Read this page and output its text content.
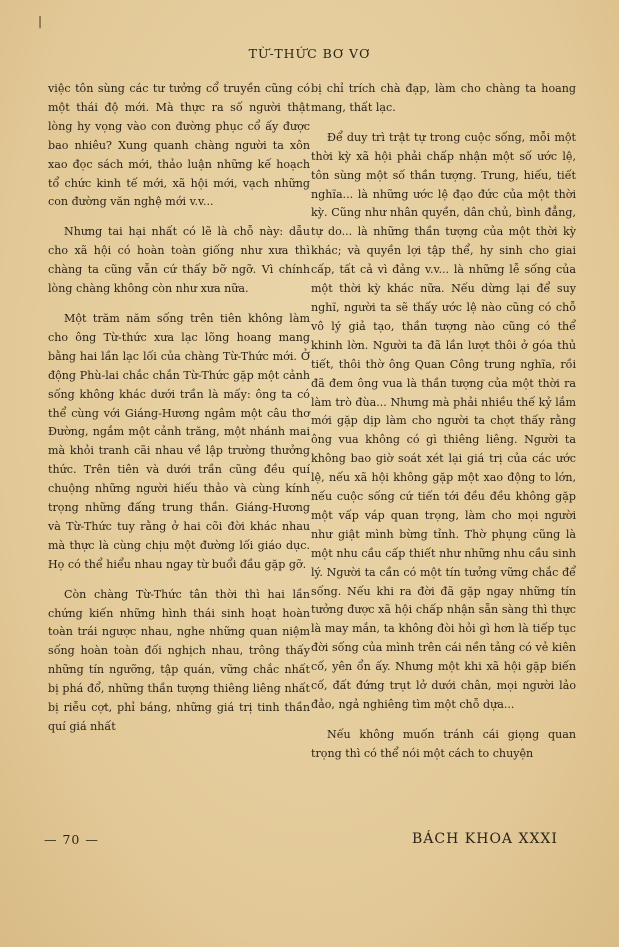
|
TỪ-THỨC BƠ VƠ

việc tôn sùng các tư tưởng cổ truyền cũng có một thái độ mới. Mà thực ra số người thật lòng hy vọng vào con đường phục cổ ấy được bao nhiêu? Xung quanh chàng người ta xôn xao đọc sách mới, thảo luận những kế hoạch tổ chức kinh tế mới, xã hội mới, vạch những con đường văn nghệ mới v.v...

Nhưng tai hại nhất có lẽ là chỗ này: dẫu cho xã hội có hoàn toàn giống như xưa thì chàng ta cũng vẫn cứ thấy bỡ ngỡ. Vì chính lòng chàng không còn như xưa nữa.

Một trăm năm sống trên tiên không làm cho ông Từ-thức xưa lạc lõng hoang mang bằng hai lần lạc lối của chàng Từ-Thức mới. Ở động Phù-lai chắc chắn Từ-Thức gặp một cảnh sống không khác dưới trần là mấy: ông ta có thể cùng với Giáng-Hương ngâm một câu thơ Đường, ngắm một cảnh trăng, một nhánh mai mà khỏi tranh cãi nhau về lập trường thưởng thức. Trên tiên và dưới trần cũng đều quí chuộng những người hiếu thảo và cùng kính trọng những đấng trung thần. Giáng-Hương và Từ-Thức tuy rằng ở hai cõi đời khác nhau mà thực là cùng chịu một đường lối giáo dục. Họ có thể hiểu nhau ngay từ buổi đầu gặp gỡ.

Còn chàng Từ-Thức tân thời thì hai lần chứng kiến những hình thái sinh hoạt hoàn toàn trái ngược nhau, nghe những quan niệm sống hoàn toàn đối nghịch nhau, trông thấy những tín ngưỡng, tập quán, vững chắc nhất bị phá đổ, những thần tượng thiêng liêng nhất bị riễu cợt, phỉ báng, những giá trị tinh thần quí giá nhất

bị chỉ trích chà đạp, làm cho chàng ta hoang mang, thất lạc.

Để duy trì trật tự trong cuộc sống, mỗi một thời kỳ xã hội phải chấp nhận một số ước lệ, tôn sùng một số thần tượng. Trung, hiếu, tiết nghĩa... là những ước lệ đạo đức của một thời kỳ. Cũng như nhân quyền, dân chủ, bình đẳng, tự do... là những thần tượng của một thời kỳ khác; và quyền lợi tập thể, hy sinh cho giai cấp, tất cả vì đảng v.v... là những lễ sống của một thời kỳ khác nữa. Nếu dừng lại để suy nghĩ, người ta sẽ thấy ước lệ nào cũng có chỗ vô lý giả tạo, thần tượng nào cũng có thể khinh lờn. Người ta đã lần lượt thôi ở góa thủ tiết, thôi thờ ông Quan Công trung nghĩa, rồi đã đem ông vua là thần tượng của một thời ra làm trò đùa... Nhưng mà phải nhiều thế kỷ lắm mới gặp dịp làm cho người ta chợt thấy rằng ông vua không có gì thiêng liêng. Người ta không bao giờ soát xét lại giá trị của các ước lệ, nếu xã hội không gặp một xao động to lớn, nếu cuộc sống cứ tiến tới đều đều không gặp một vấp váp quan trọng, làm cho mọi người như giật mình bừng tỉnh. Thờ phụng cũng là một nhu cầu cấp thiết như những nhu cầu sinh lý. Người ta cần có một tín tưởng vững chắc để sống. Nếu khi ra đời đã gặp ngay những tín tưởng được xã hội chấp nhận sẵn sàng thì thực là may mắn, ta không đòi hỏi gì hơn là tiếp tục đời sống của mình trên cái nền tảng có vẻ kiên cố, yên ổn ấy. Nhưng một khi xã hội gặp biến cố, đất đứng trụt lở dưới chân, mọi người lảo đảo, ngả nghiêng tìm một chỗ dựa...

Nếu không muốn tránh cái giọng quan trọng thì có thể nói một cách to chuyện

— 70 —	BÁCH KHOA XXXI
